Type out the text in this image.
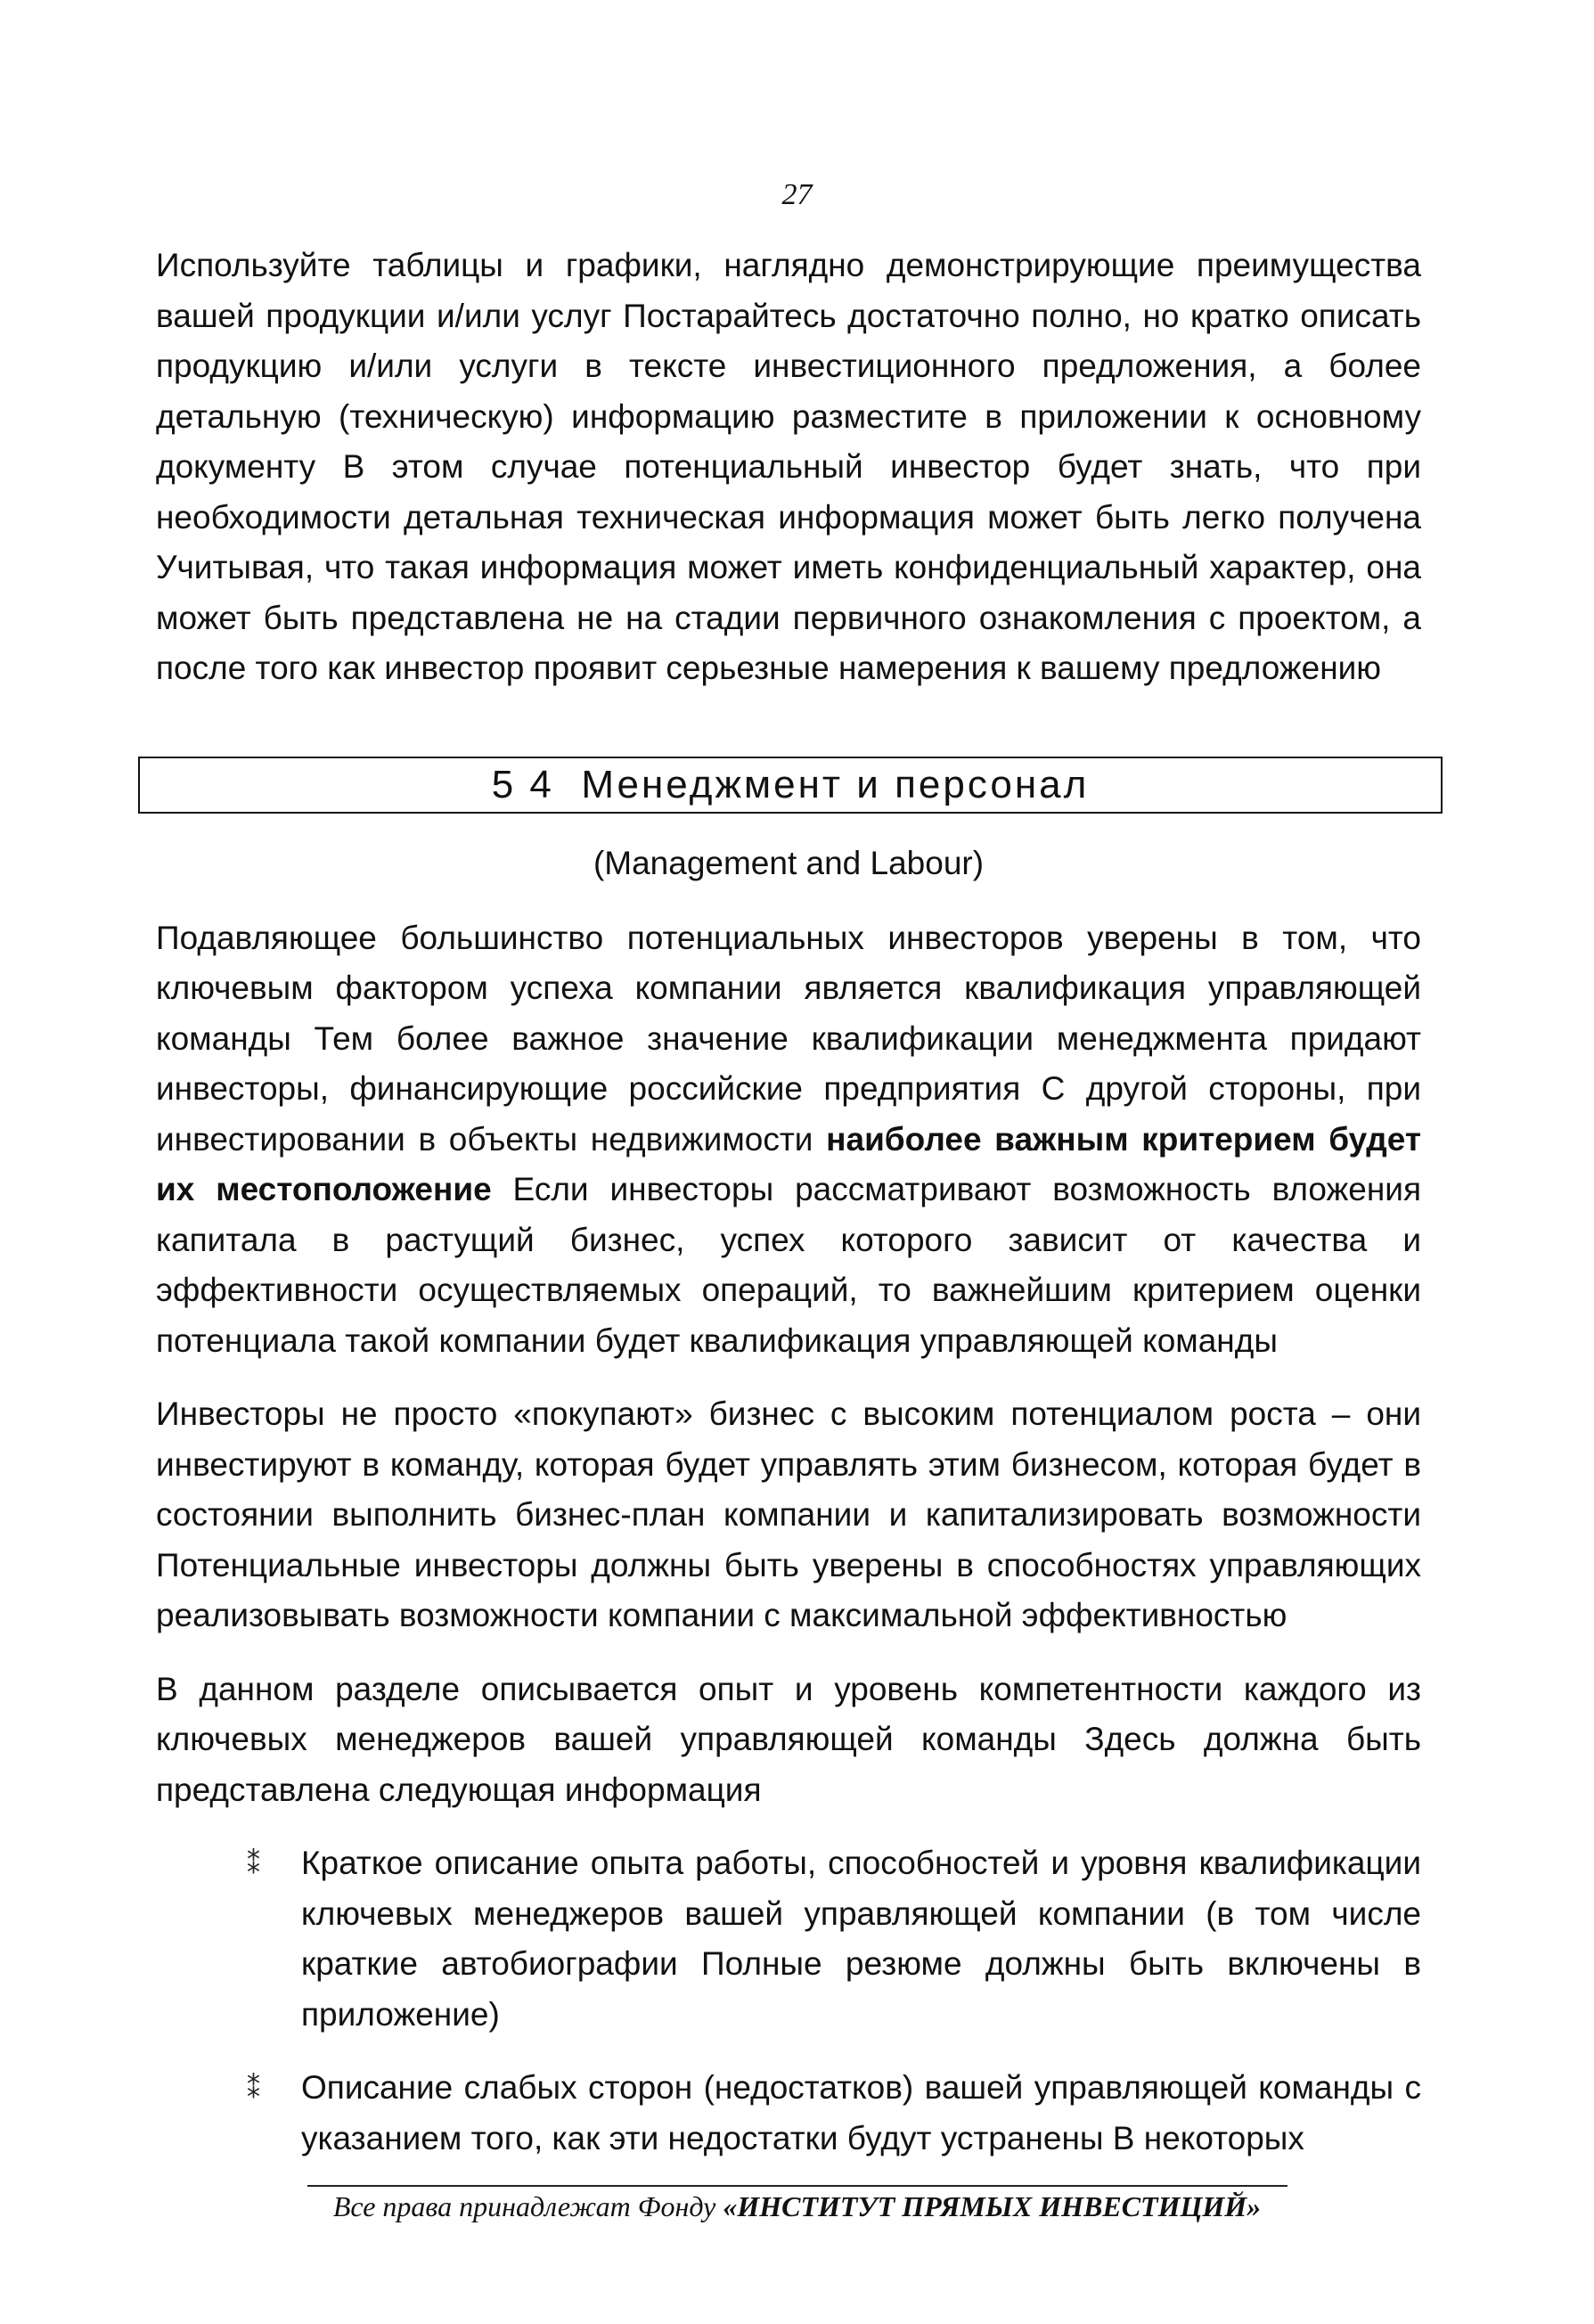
27

Используйте таблицы и графики, наглядно демонстрирующие преимущества вашей продукции и/или услуг Постарайтесь достаточно полно, но кратко описать продукцию и/или услуги в тексте инвестиционного предложения, а более детальную (техническую) информацию разместите в приложении к основному документу В этом случае потенциальный инвестор будет знать, что при необходимости детальная техническая информация может быть легко получена Учитывая, что такая информация может иметь конфиденциальный характер, она может быть представлена не на стадии первичного ознакомления с проектом, а после того как инвестор проявит серьезные намерения к вашему предложению

5 4
Менеджмент и персонал
(Management and Labour)

Подавляющее большинство потенциальных инвесторов уверены в том, что ключевым фактором успеха компании является квалификация управляющей команды Тем более важное значение квалификации менеджмента придают инвесторы, финансирующие российские предприятия С другой стороны, при инвестировании в объекты недвижимости наиболее важным критерием будет их местоположение Если инвесторы рассматривают возможность вложения капитала в растущий бизнес, успех которого зависит от качества и эффективности осуществляемых операций, то важнейшим критерием оценки потенциала такой компании будет квалификация управляющей команды

Инвесторы не просто «покупают» бизнес с высоким потенциалом роста – они инвестируют в команду, которая будет управлять этим бизнесом, которая будет в состоянии выполнить бизнес-план компании и капитализировать возможности Потенциальные инвесторы должны быть уверены в способностях управляющих реализовывать возможности компании с максимальной эффективностью

В данном разделе описывается опыт и уровень компетентности каждого из ключевых менеджеров вашей управляющей команды Здесь должна быть представлена следующая информация

⁑ Краткое описание опыта работы, способностей и уровня квалификации ключевых менеджеров вашей управляющей компании (в том числе краткие автобиографии Полные резюме должны быть включены в приложение)
⁑ Описание слабых сторон (недостатков) вашей управляющей команды с указанием того, как эти недостатки будут устранены В некоторых
Все права принадлежат Фонду «ИНСТИТУТ ПРЯМЫХ ИНВЕСТИЦИЙ»
